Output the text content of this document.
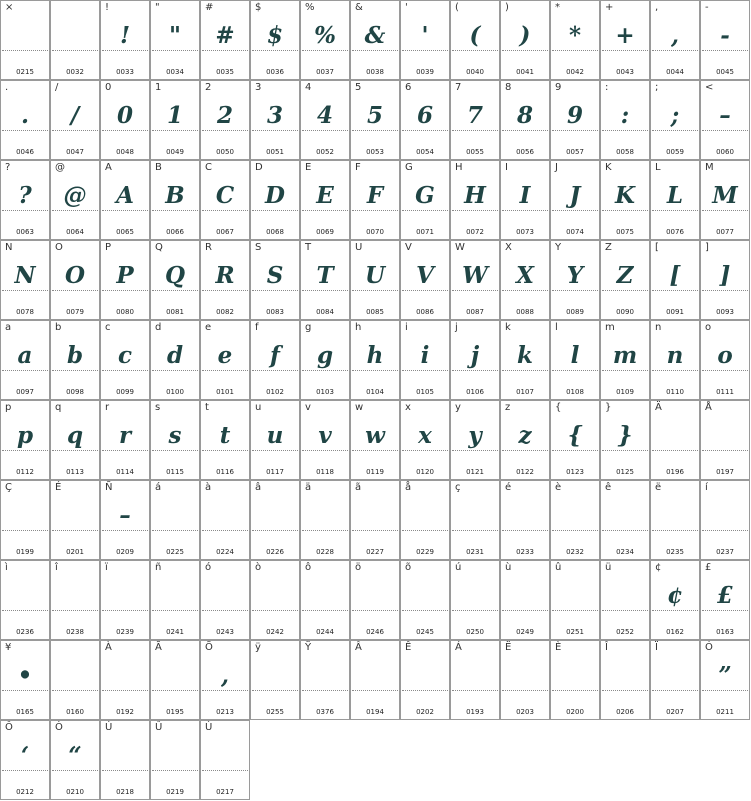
×
0215	0032
!
!
0033
"
"
0034
#
#
0035
$
$
0036
%
%
0037
&
&
0038
'
'
0039
(
(
0040
)
)
0041
*
*
0042
+
+
0043
,
,
0044
-
-
0045
.
.
0046
/
/
0047
0
0
0048
1
1
0049
2
2
0050
3
3
0051
4
4
0052
5
5
0053
6
6
0054
7
7
0055
8
8
0056
9
9
0057
:
:
0058
;
;
0059
<
–
0060
?
?
0063
@
@
0064
A
A
0065
B
B
0066
C
C
0067
D
D
0068
E
E
0069
F
F
0070
G
G
0071
H
H
0072
I
I
0073
J
J
0074
K
K
0075
L
L
0076
M
M
0077
N
N
0078
O
O
0079
P
P
0080
Q
Q
0081
R
R
0082
S
S
0083
T
T
0084
U
U
0085
V
V
0086
W
W
0087
X
X
0088
Y
Y
0089
Z
Z
0090
[
[
0091
]
]
0093
a
a
0097
b
b
0098
c
c
0099
d
d
0100
e
e
0101
f
f
0102
g
g
0103
h
h
0104
i
i
0105
j
j
0106
k
k
0107
l
l
0108
m
m
0109
n
n
0110
o
o
0111
p
p
0112
q
q
0113
r
r
0114
s
s
0115
t
t
0116
u
u
0117
v
v
0118
w
w
0119
x
x
0120
y
y
0121
z
z
0122
{
{
0123
}
}
0125
Ä
0196
Å
0197
Ç
0199
É
0201
Ñ
–
0209
á
0225
à
0224
â
0226
ä
0228
ã
0227
å
0229
ç
0231
é
0233
è
0232
ê
0234
ë
0235
í
0237
ì
0236
î
0238
ï
0239
ñ
0241
ó
0243
ò
0242
ô
0244
ö
0246
õ
0245
ú
0250
ù
0249
û
0251
ü
0252
¢
¢
0162
£
£
0163
¥
•
0165	0160
À
0192
Ã
0195
Õ
,
0213
ÿ
0255
Ÿ
0376
Â
0194
Ê
0202
Á
0193
Ë
0203
È
0200
Î
0206
Ï
0207
Ó
”
0211
Ô
‘
0212
Ò
“
0210
Ú
0218
Û
0219
Ù
0217
